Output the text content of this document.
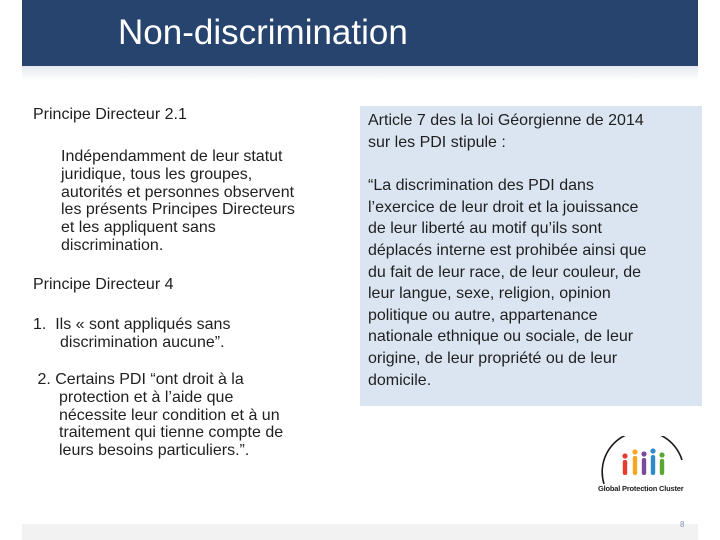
Non-discrimination
Principe Directeur 2.1
Indépendamment de leur statut
juridique, tous les groupes,
autorités et personnes observent
les présents Principes Directeurs
et les appliquent sans
discrimination.
Principe Directeur 4
1.  Ils « sont appliqués sans
discrimination aucune”.
2. Certains PDI “ont droit à la
protection et à l’aide que
nécessite leur condition et à un
traitement qui tienne compte de
leurs besoins particuliers.”.

Article 7 des la loi Géorgienne de 2014

sur les PDI stipule :

“La discrimination des PDI dans

l’exercice de leur droit et la jouissance

de leur liberté au motif qu’ils sont

déplacés interne est prohibée ainsi que

du fait de leur race, de leur couleur, de

leur langue, sexe, religion, opinion

politique ou autre, appartenance

nationale ethnique ou sociale, de leur

origine, de leur propriété ou de leur

domicile.

Global Protection Cluster
8
